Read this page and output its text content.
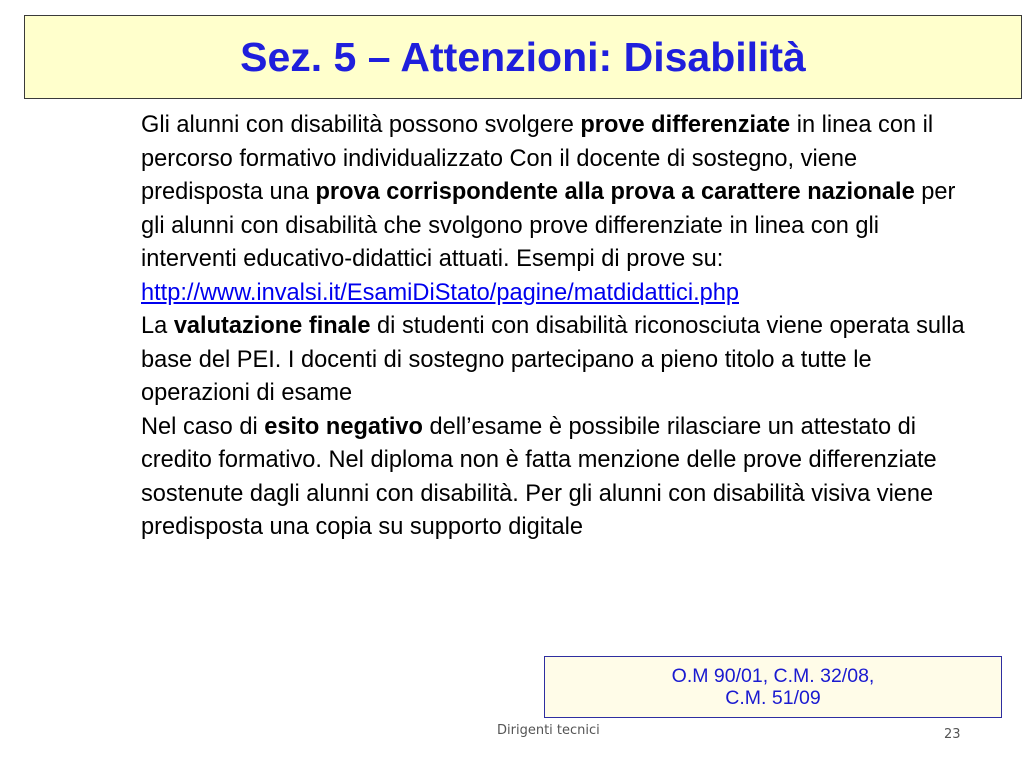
Sez. 5 – Attenzioni: Disabilità

Gli alunni con disabilità possono svolgere prove differenziate in linea con il percorso formativo individualizzato Con il docente di sostegno, viene predisposta una prova corrispondente alla prova a carattere nazionale per gli alunni con disabilità che svolgono prove differenziate in linea con gli interventi educativo-didattici attuati. Esempi di prove su:

http://www.invalsi.it/EsamiDiStato/pagine/matdidattici.php

La valutazione finale di studenti con disabilità riconosciuta viene operata sulla base del PEI. I docenti di sostegno partecipano a pieno titolo a tutte le operazioni di esame

Nel caso di esito negativo dell’esame è possibile rilasciare un attestato di credito formativo. Nel diploma non è fatta menzione delle prove differenziate sostenute dagli alunni con disabilità. Per gli alunni con disabilità visiva viene predisposta una copia su supporto digitale

O.M 90/01, C.M. 32/08,
C.M. 51/09
Dirigenti tecnici	23
